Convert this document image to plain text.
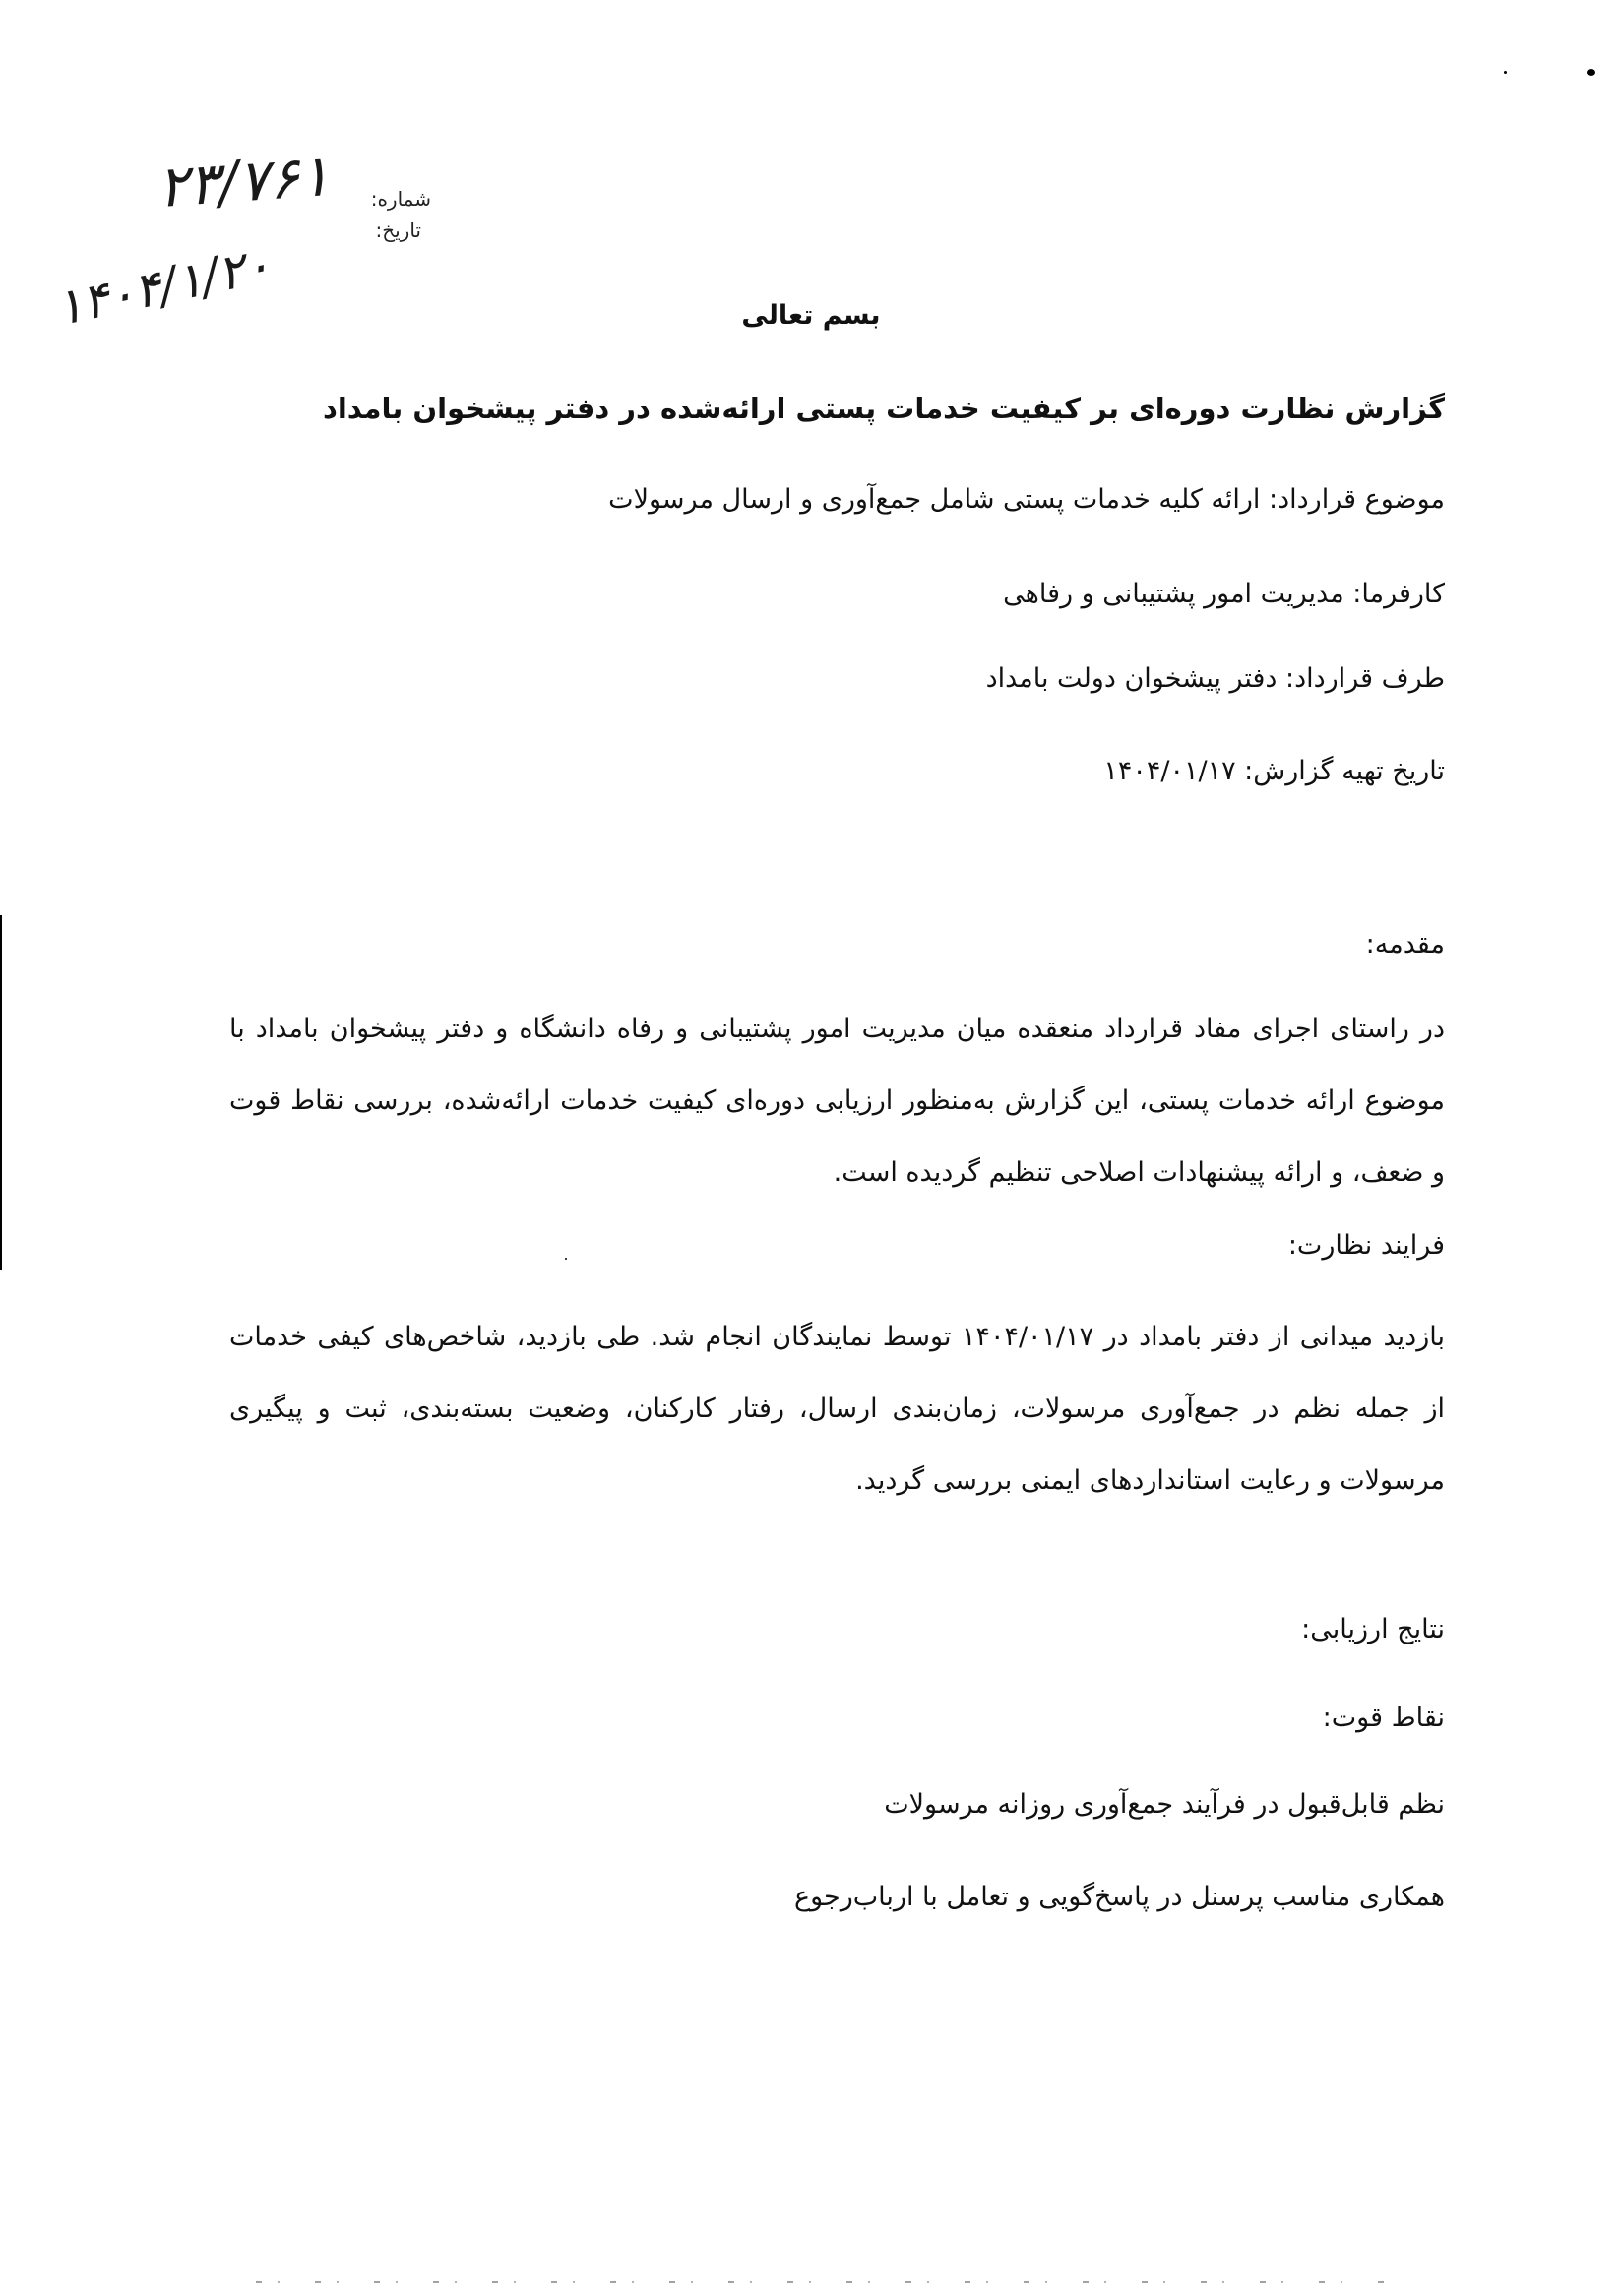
شماره:
تاریخ:
۲۳/۷۶۱
۱۴۰۴/۱/۲۰	بسم تعالی
گزارش نظارت دوره‌ای بر کیفیت خدمات پستی ارائه‌شده در دفتر پیشخوان بامداد
موضوع قرارداد: ارائه کلیه خدمات پستی شامل جمع‌آوری و ارسال مرسولات
کارفرما: مدیریت امور پشتیبانی و رفاهی
طرف قرارداد: دفتر پیشخوان دولت بامداد
تاریخ تهیه گزارش: ۱۴۰۴/۰۱/۱۷
مقدمه:
در راستای اجرای مفاد قرارداد منعقده میان مدیریت امور پشتیبانی و رفاه دانشگاه و دفتر پیشخوان بامداد با موضوع ارائه خدمات پستی، این گزارش به‌منظور ارزیابی دوره‌ای کیفیت خدمات ارائه‌شده، بررسی نقاط قوت و ضعف، و ارائه پیشنهادات اصلاحی تنظیم گردیده است.
فرایند نظارت:
بازدید میدانی از دفتر بامداد در ۱۴۰۴/۰۱/۱۷ توسط نمایندگان انجام شد. طی بازدید، شاخص‌های کیفی خدمات از جمله نظم در جمع‌آوری مرسولات، زمان‌بندی ارسال، رفتار کارکنان، وضعیت بسته‌بندی، ثبت و پیگیری مرسولات و رعایت استانداردهای ایمنی بررسی گردید.
نتایج ارزیابی:
نقاط قوت:
نظم قابل‌قبول در فرآیند جمع‌آوری روزانه مرسولات
همکاری مناسب پرسنل در پاسخ‌گویی و تعامل با ارباب‌رجوع
